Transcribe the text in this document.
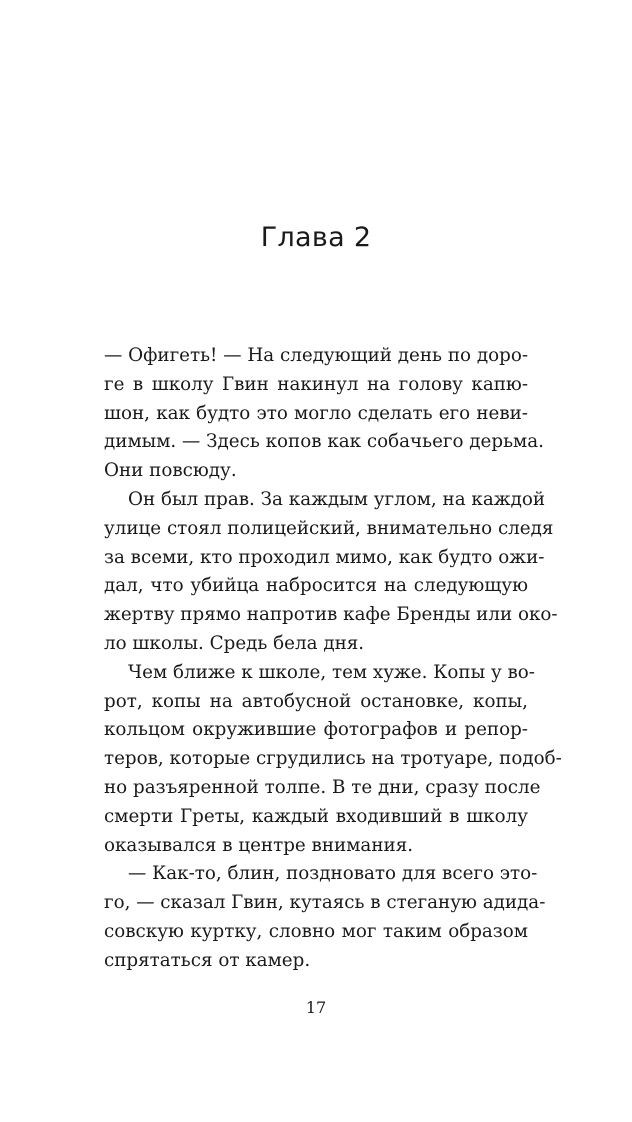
Глава 2
— Офигеть! — На следующий день по доро-
ге в школу Гвин накинул на голову капю-
шон, как будто это могло сделать его неви-
димым. — Здесь копов как собачьего дерьма.
Они повсюду.
Он был прав. За каждым углом, на каждой
улице стоял полицейский, внимательно следя
за всеми, кто проходил мимо, как будто ожи-
дал, что убийца набросится на следующую
жертву прямо напротив кафе Бренды или око-
ло школы. Средь бела дня.
Чем ближе к школе, тем хуже. Копы у во-
рот, копы на автобусной остановке, копы,
кольцом окружившие фотографов и репор-
теров, которые сгрудились на тротуаре, подоб-
но разъяренной толпе. В те дни, сразу после
смерти Греты, каждый входивший в школу
оказывался в центре внимания.
— Как-то, блин, поздновато для всего это-
го, — сказал Гвин, кутаясь в стеганую адида-
совскую куртку, словно мог таким образом
спрятаться от камер.
17
